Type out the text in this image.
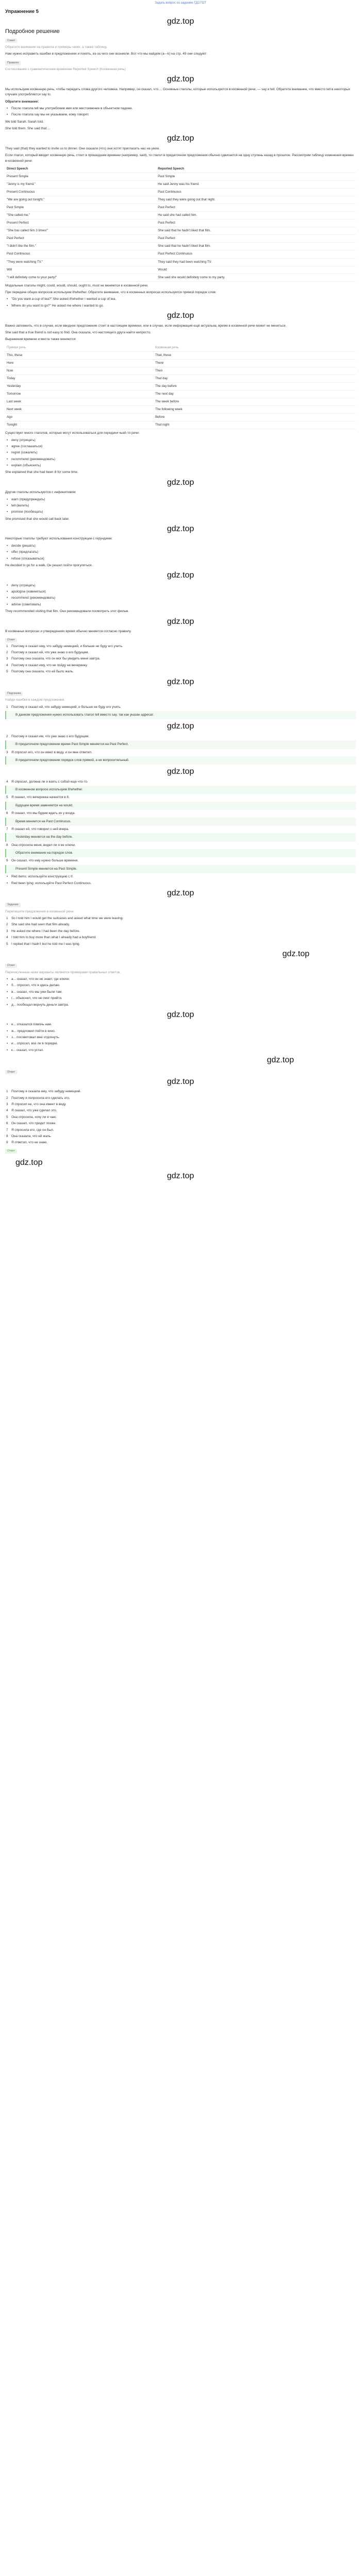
Задать вопрос по заданию ГДЗ ГОТ
Упражнение 5
gdz.top
Подробное решение
Совет
Обратите внимание на правила и примеры ниже, а также таблицу.
Нам нужно исправить ошибки в предложениях и понять, из-за чего они возникли. Вот что мы найдем (a—k) на стр. 49 они следуют:
Правило
Согласование с грамматическим временем Reported Speech (Косвенная речь)
gdz.top
Мы используем косвенную речь, чтобы передать слова другого человека. Например, он сказал, что ... Основные глаголы, которые используются в косвенной речи, — say и tell. Обратите внимание, что вместо tell в некоторых случаях употребляется say to.
Обратите внимание:
• После глагола tell мы употребляем имя или местоимение в объектном падеже.
• После глагола say мы не указываем, кому говорят.
We told Sarah. Sarah told.
She told them. She said that ...
gdz.top
They said (that) they wanted to invite us to dinner. Они сказали (что) они хотят пригласить нас на ужин.
Если глагол, который вводит косвенную речь, стоит в прошедшем времени (например, said), то глагол в придаточном предложении обычно сдвигается на одну ступень назад в прошлое. Рассмотрим таблицу изменения времен в косвенной речи:
Direct Speech	Reported Speech
Present Simple	Past Simple
"Jenny is my friend."	He said Jenny was his friend.
Present Continuous	Past Continuous
"We are going out tonight."	They said they were going out that night.
Past Simple	Past Perfect
"She called me."	He said she had called him.
Present Perfect	Past Perfect
"She has called him 3 times!"	She said that he hadn't liked that film.
Past Perfect	Past Perfect
"I didn't like the film."	She said that he hadn't liked that film.
Past Continuous	Past Perfect Continuous
"They were watching TV."	They said they had been watching TV.
Will	Would
"I will definitely come to your party!"	She said she would definitely come to my party.
Модальные глаголы might, could, would, should, ought to, must не меняются в косвенной речи.
При передаче общих вопросов используем if/whether. Обратите внимание, что в косвенных вопросах используется прямой порядок слов:
• "Do you want a cup of tea?" She asked if/whether I wanted a cup of tea.
• Where do you want to go?" He asked me where I wanted to go.
gdz.top
Важно запомнить, что в случае, если вводное предложение стоит в настоящем времени, или в случае, если информация ещё актуальна, время в косвенной речи может не меняться.
She said that a true friend is not easy to find. Она сказала, что настоящего друга найти непросто.
Выражения времени и места также меняются:
Прямая речь	Косвенная речь
This, these	That, those
Here	There
Now	Then
Today	That day
Yesterday	The day before
Tomorrow	The next day
Last week	The week before
Next week	The following week
Ago	Before
Tonight	That night
Существует много глаголов, которые могут использоваться для передачи чьей-то речи:
• deny (отрицать)
• agree (соглашаться)
• regret (сожалеть)
• recommend (рекомендовать)
• explain (объяснять)
She explained that she had been ill for some time.
gdz.top
Другие глаголы используются с инфинитивом:
• warn (предупреждать)
• tell (велеть)
• promise (пообещать)
She promised that she would call back later.
gdz.top
Некоторые глаголы требуют использования конструкции с герундием:
• decide (решать)
• offer (предлагать)
• refuse (отказываться)
He decided to go for a walk. Он решил пойти прогуляться.
gdz.top
• deny (отрицать)
• apologise (извиняться)
• recommend (рекомендовать)
• advise (советовать)
They recommended visiting that film. Они рекомендовали посмотреть этот фильм.
gdz.top
В косвенных вопросах и утверждениях время обычно меняется согласно правилу.
Ответ
1 Поэтому я сказал ему, что забуду немецкий, и больше не буду его учить.
2 Поэтому я сказал ей, что уже знаю о его будущем.
3 Поэтому она сказала, что он мог бы увидеть меня завтра.
4 Поэтому я сказал ему, что не пойду на вечеринку.
5 Поэтому она сказала, что ей было жаль.
gdz.top
Подсказка
Найди ошибки в каждом предложении.
1 Поэтому я сказал ей, что забуду немецкий, и больше не буду его учить.
В данном предложении нужно использовать глагол tell вместо say, так как указан адресат.
gdz.top
2 Поэтому я сказал им, что уже знаю о его будущем.
В придаточном предложении время Past Simple меняется на Past Perfect.
3 Я спросил его, что он имел в виду, и он мне ответил.
В придаточном предложении порядок слов прямой, а не вопросительный.
gdz.top
4 Я спросил, должна ли я взять с собой еще что-то.
В косвенном вопросе используем if/whether.
5 Я сказал, что вечеринка начнется в 8.
Будущее время заменяется на would.
6 Я сказал, что мы будем ждать их у входа.
Время меняется на Past Continuous.
7 Я сказал ей, что говорил с ней вчера.
Yesterday меняется на the day before.
8 Она спросила меня, видел ли я ее ключи.
Обратите внимание на порядок слов.
9 Он сказал, что ему нужно больше времени.
Present Simple меняется на Past Simple.
• Red items: используйте конструкцию с if.
• Red been lying: используйте Past Perfect Continuous.
gdz.top
Задание
Перепишите предложения в косвенной речи.
1 So I told him I would get the suitcases and asked what time we were leaving.
2 She said she had seen that film already.
3 He asked me where I had been the day before.
4 I told him to buy more than what I already had a boyfriend.
5 I replied that I hadn't but he told me I was lying.
gdz.top
Ответ
Перечисленные ниже варианты являются примерами правильных ответов.
• а... сказал, что он не знает, где ключи.
• б... спросил, что я здесь делаю.
• в... сказал, что мы уже были там.
• г... объяснил, что не смог прийти.
• д... пообещал вернуть деньги завтра.
gdz.top
• е... отказался помочь нам.
• ж... предложил пойти в кино.
• з... посоветовал мне отдохнуть.
• и... спросил, все ли в порядке.
• к... сказал, что устал.
gdz.top
Ответ
gdz.top
1 Поэтому я сказала ему, что забуду немецкий.
2 Поэтому я попросила его сделать это.
3 Я спросил ее, что она имеет в виду.
4 Я сказал, что уже сделал это.
5 Она спросила, хочу ли я чаю.
6 Он сказал, что придет позже.
7 Я спросила его, где он был.
8 Она сказала, что ей жаль.
9 Я ответил, что не знаю.
Ответ
gdz.top
gdz.top
